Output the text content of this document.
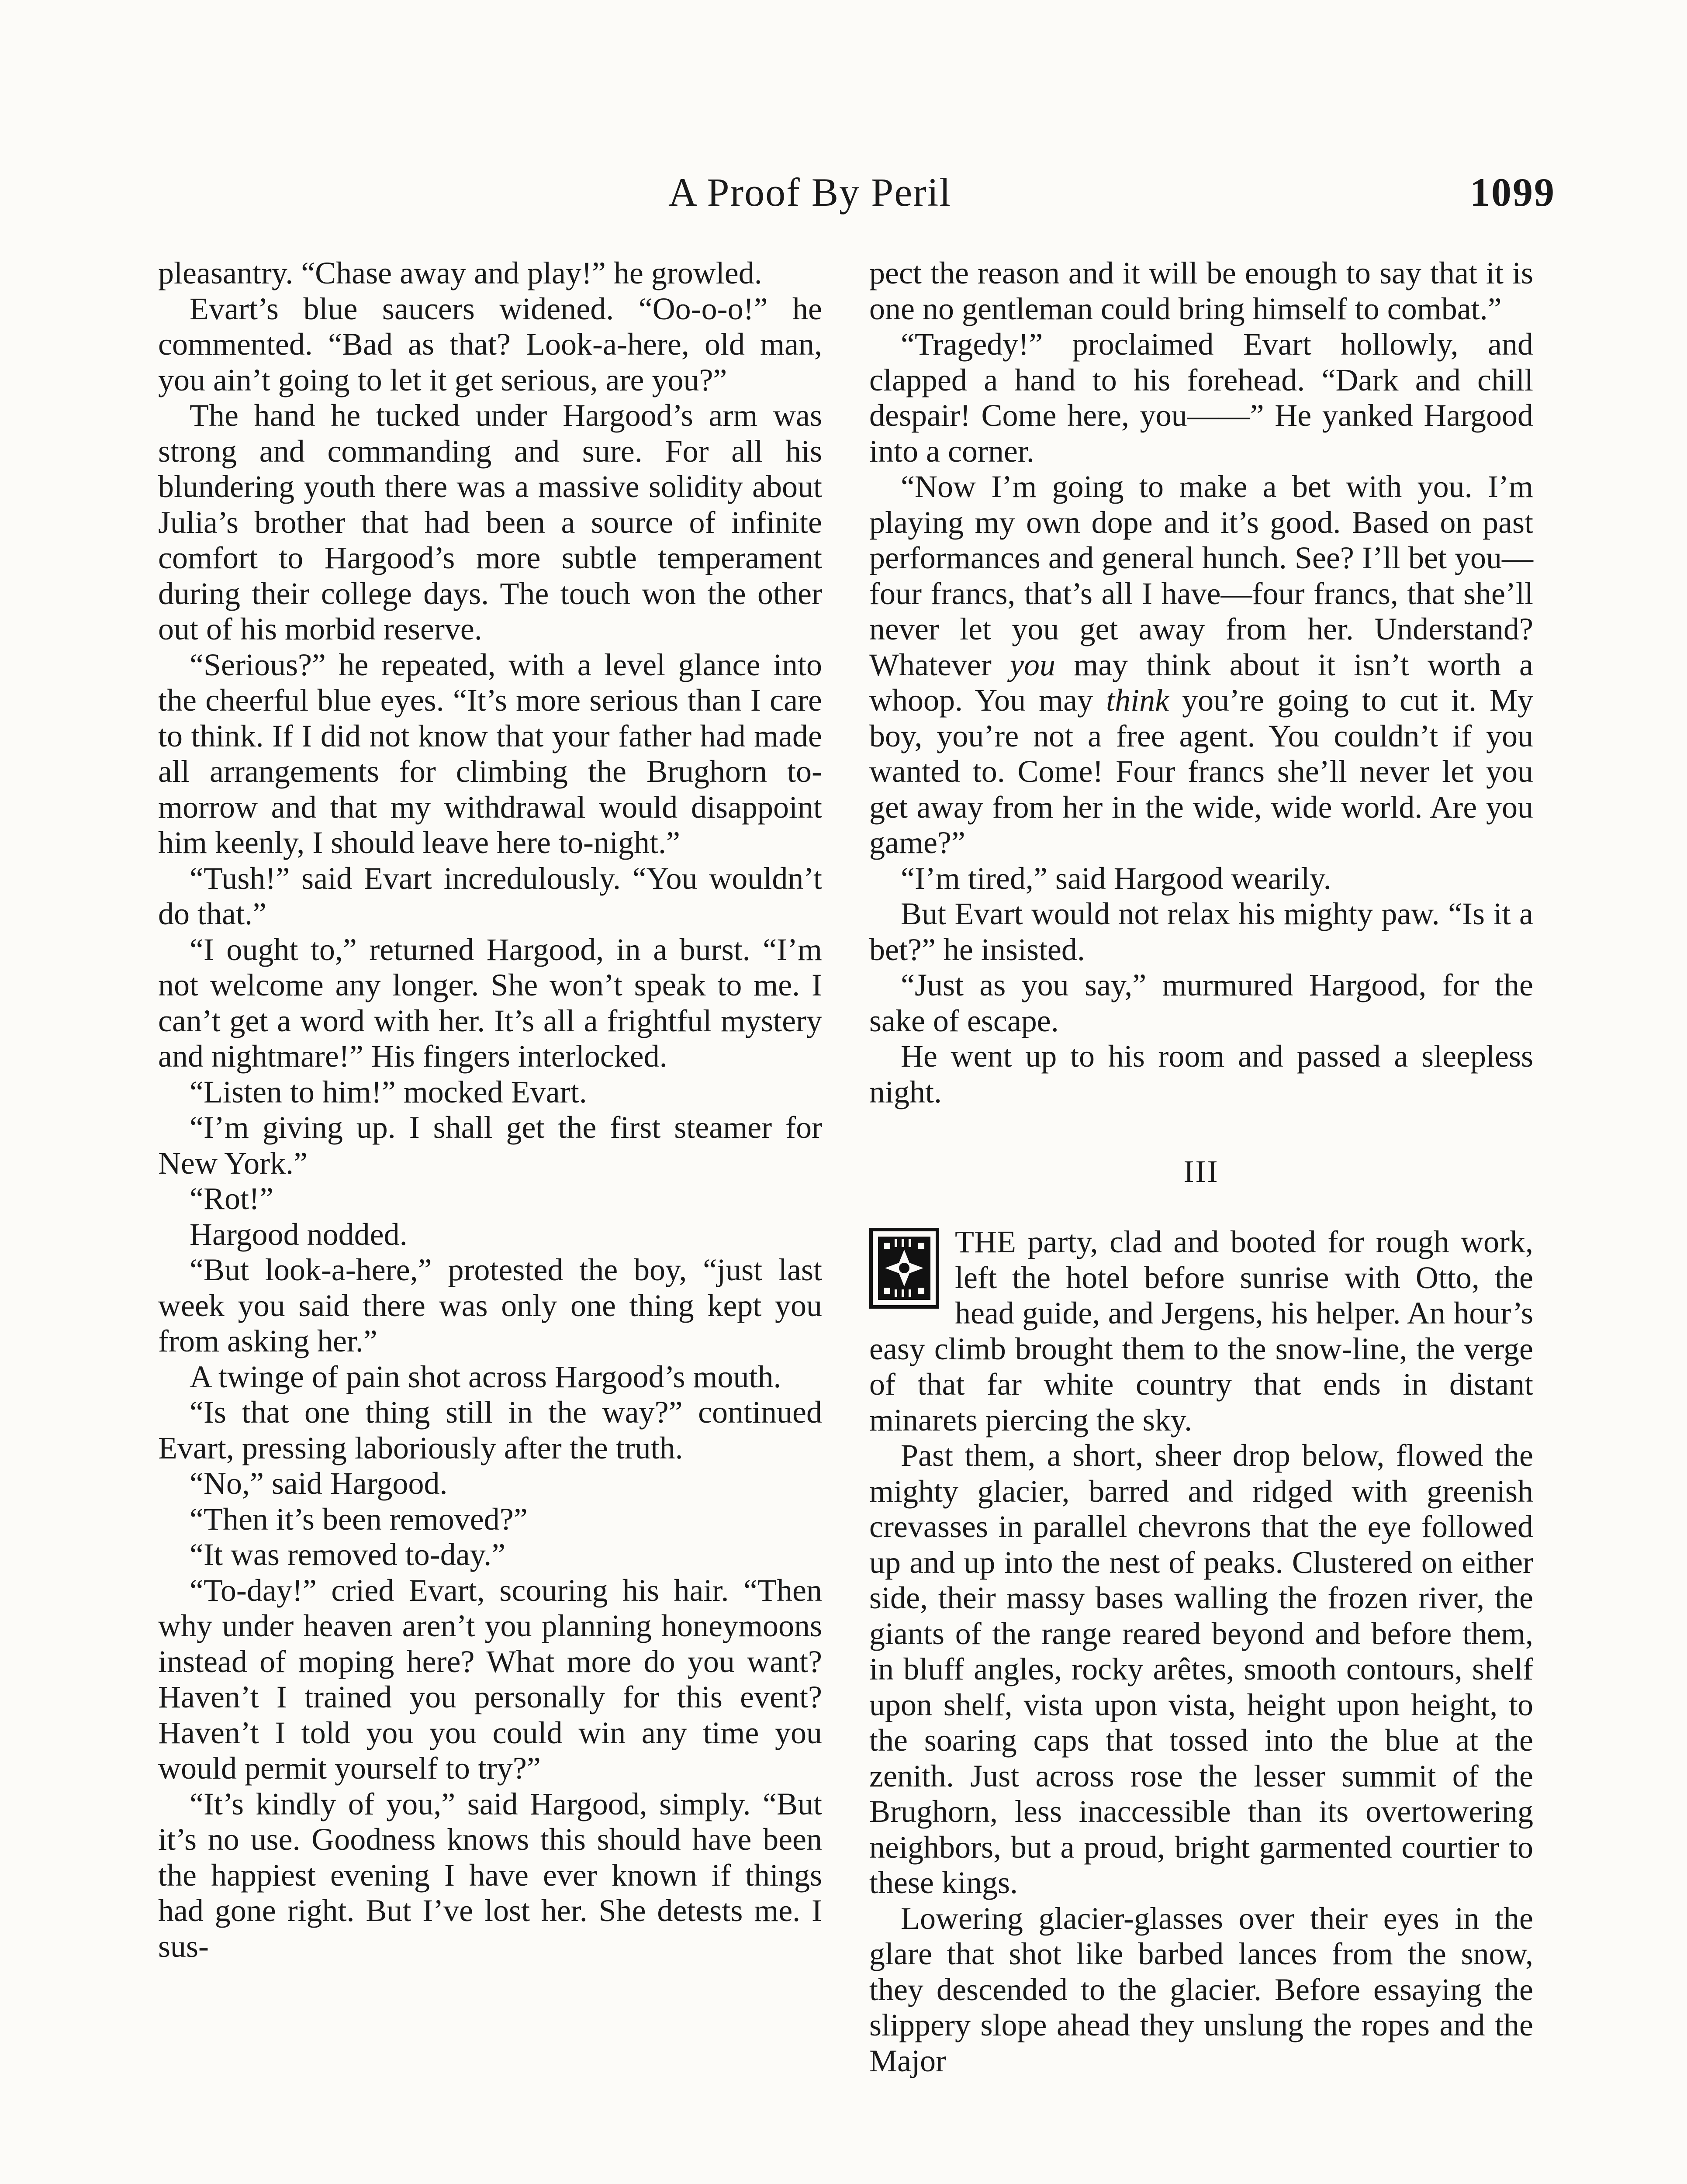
A Proof By Peril	1099

pleasantry. “Chase away and play!” he growled.

Evart’s blue saucers widened. “Oo-o-o!” he commented. “Bad as that? Look-a-here, old man, you ain’t going to let it get serious, are you?”

The hand he tucked under Hargood’s arm was strong and commanding and sure. For all his blundering youth there was a massive solidity about Julia’s brother that had been a source of infinite comfort to Hargood’s more subtle temperament during their college days. The touch won the other out of his morbid reserve.

“Serious?” he repeated, with a level glance into the cheerful blue eyes. “It’s more serious than I care to think. If I did not know that your father had made all arrangements for climbing the Brughorn to-morrow and that my withdrawal would disappoint him keenly, I should leave here to-night.”

“Tush!” said Evart incredulously. “You wouldn’t do that.”

“I ought to,” returned Hargood, in a burst. “I’m not welcome any longer. She won’t speak to me. I can’t get a word with her. It’s all a frightful mystery and nightmare!” His fingers interlocked.

“Listen to him!” mocked Evart.

“I’m giving up. I shall get the first steamer for New York.”

“Rot!”

Hargood nodded.

“But look-a-here,” protested the boy, “just last week you said there was only one thing kept you from asking her.”

A twinge of pain shot across Hargood’s mouth.

“Is that one thing still in the way?” continued Evart, pressing laboriously after the truth.

“No,” said Hargood.

“Then it’s been removed?”

“It was removed to-day.”

“To-day!” cried Evart, scouring his hair. “Then why under heaven aren’t you planning honeymoons instead of moping here? What more do you want? Haven’t I trained you personally for this event? Haven’t I told you you could win any time you would permit yourself to try?”

“It’s kindly of you,” said Hargood, simply. “But it’s no use. Goodness knows this should have been the happiest evening I have ever known if things had gone right. But I’ve lost her. She detests me. I sus-

pect the reason and it will be enough to say that it is one no gentleman could bring himself to combat.”

“Tragedy!” proclaimed Evart hollowly, and clapped a hand to his forehead. “Dark and chill despair! Come here, you——” He yanked Hargood into a corner.

“Now I’m going to make a bet with you. I’m playing my own dope and it’s good. Based on past performances and general hunch. See? I’ll bet you—four francs, that’s all I have—four francs, that she’ll never let you get away from her. Understand? Whatever you may think about it isn’t worth a whoop. You may think you’re going to cut it. My boy, you’re not a free agent. You couldn’t if you wanted to. Come! Four francs she’ll never let you get away from her in the wide, wide world. Are you game?”

“I’m tired,” said Hargood wearily.

But Evart would not relax his mighty paw. “Is it a bet?” he insisted.

“Just as you say,” murmured Hargood, for the sake of escape.

He went up to his room and passed a sleepless night.

III

THE party, clad and booted for rough work, left the hotel before sunrise with Otto, the head guide, and Jergens, his helper. An hour’s easy climb brought them to the snow-line, the verge of that far white country that ends in distant minarets piercing the sky.

Past them, a short, sheer drop below, flowed the mighty glacier, barred and ridged with greenish crevasses in parallel chevrons that the eye followed up and up into the nest of peaks. Clustered on either side, their massy bases walling the frozen river, the giants of the range reared beyond and before them, in bluff angles, rocky arêtes, smooth contours, shelf upon shelf, vista upon vista, height upon height, to the soaring caps that tossed into the blue at the zenith. Just across rose the lesser summit of the Brughorn, less inaccessible than its overtowering neighbors, but a proud, bright garmented courtier to these kings.

Lowering glacier-glasses over their eyes in the glare that shot like barbed lances from the snow, they descended to the glacier. Before essaying the slippery slope ahead they unslung the ropes and the Major
